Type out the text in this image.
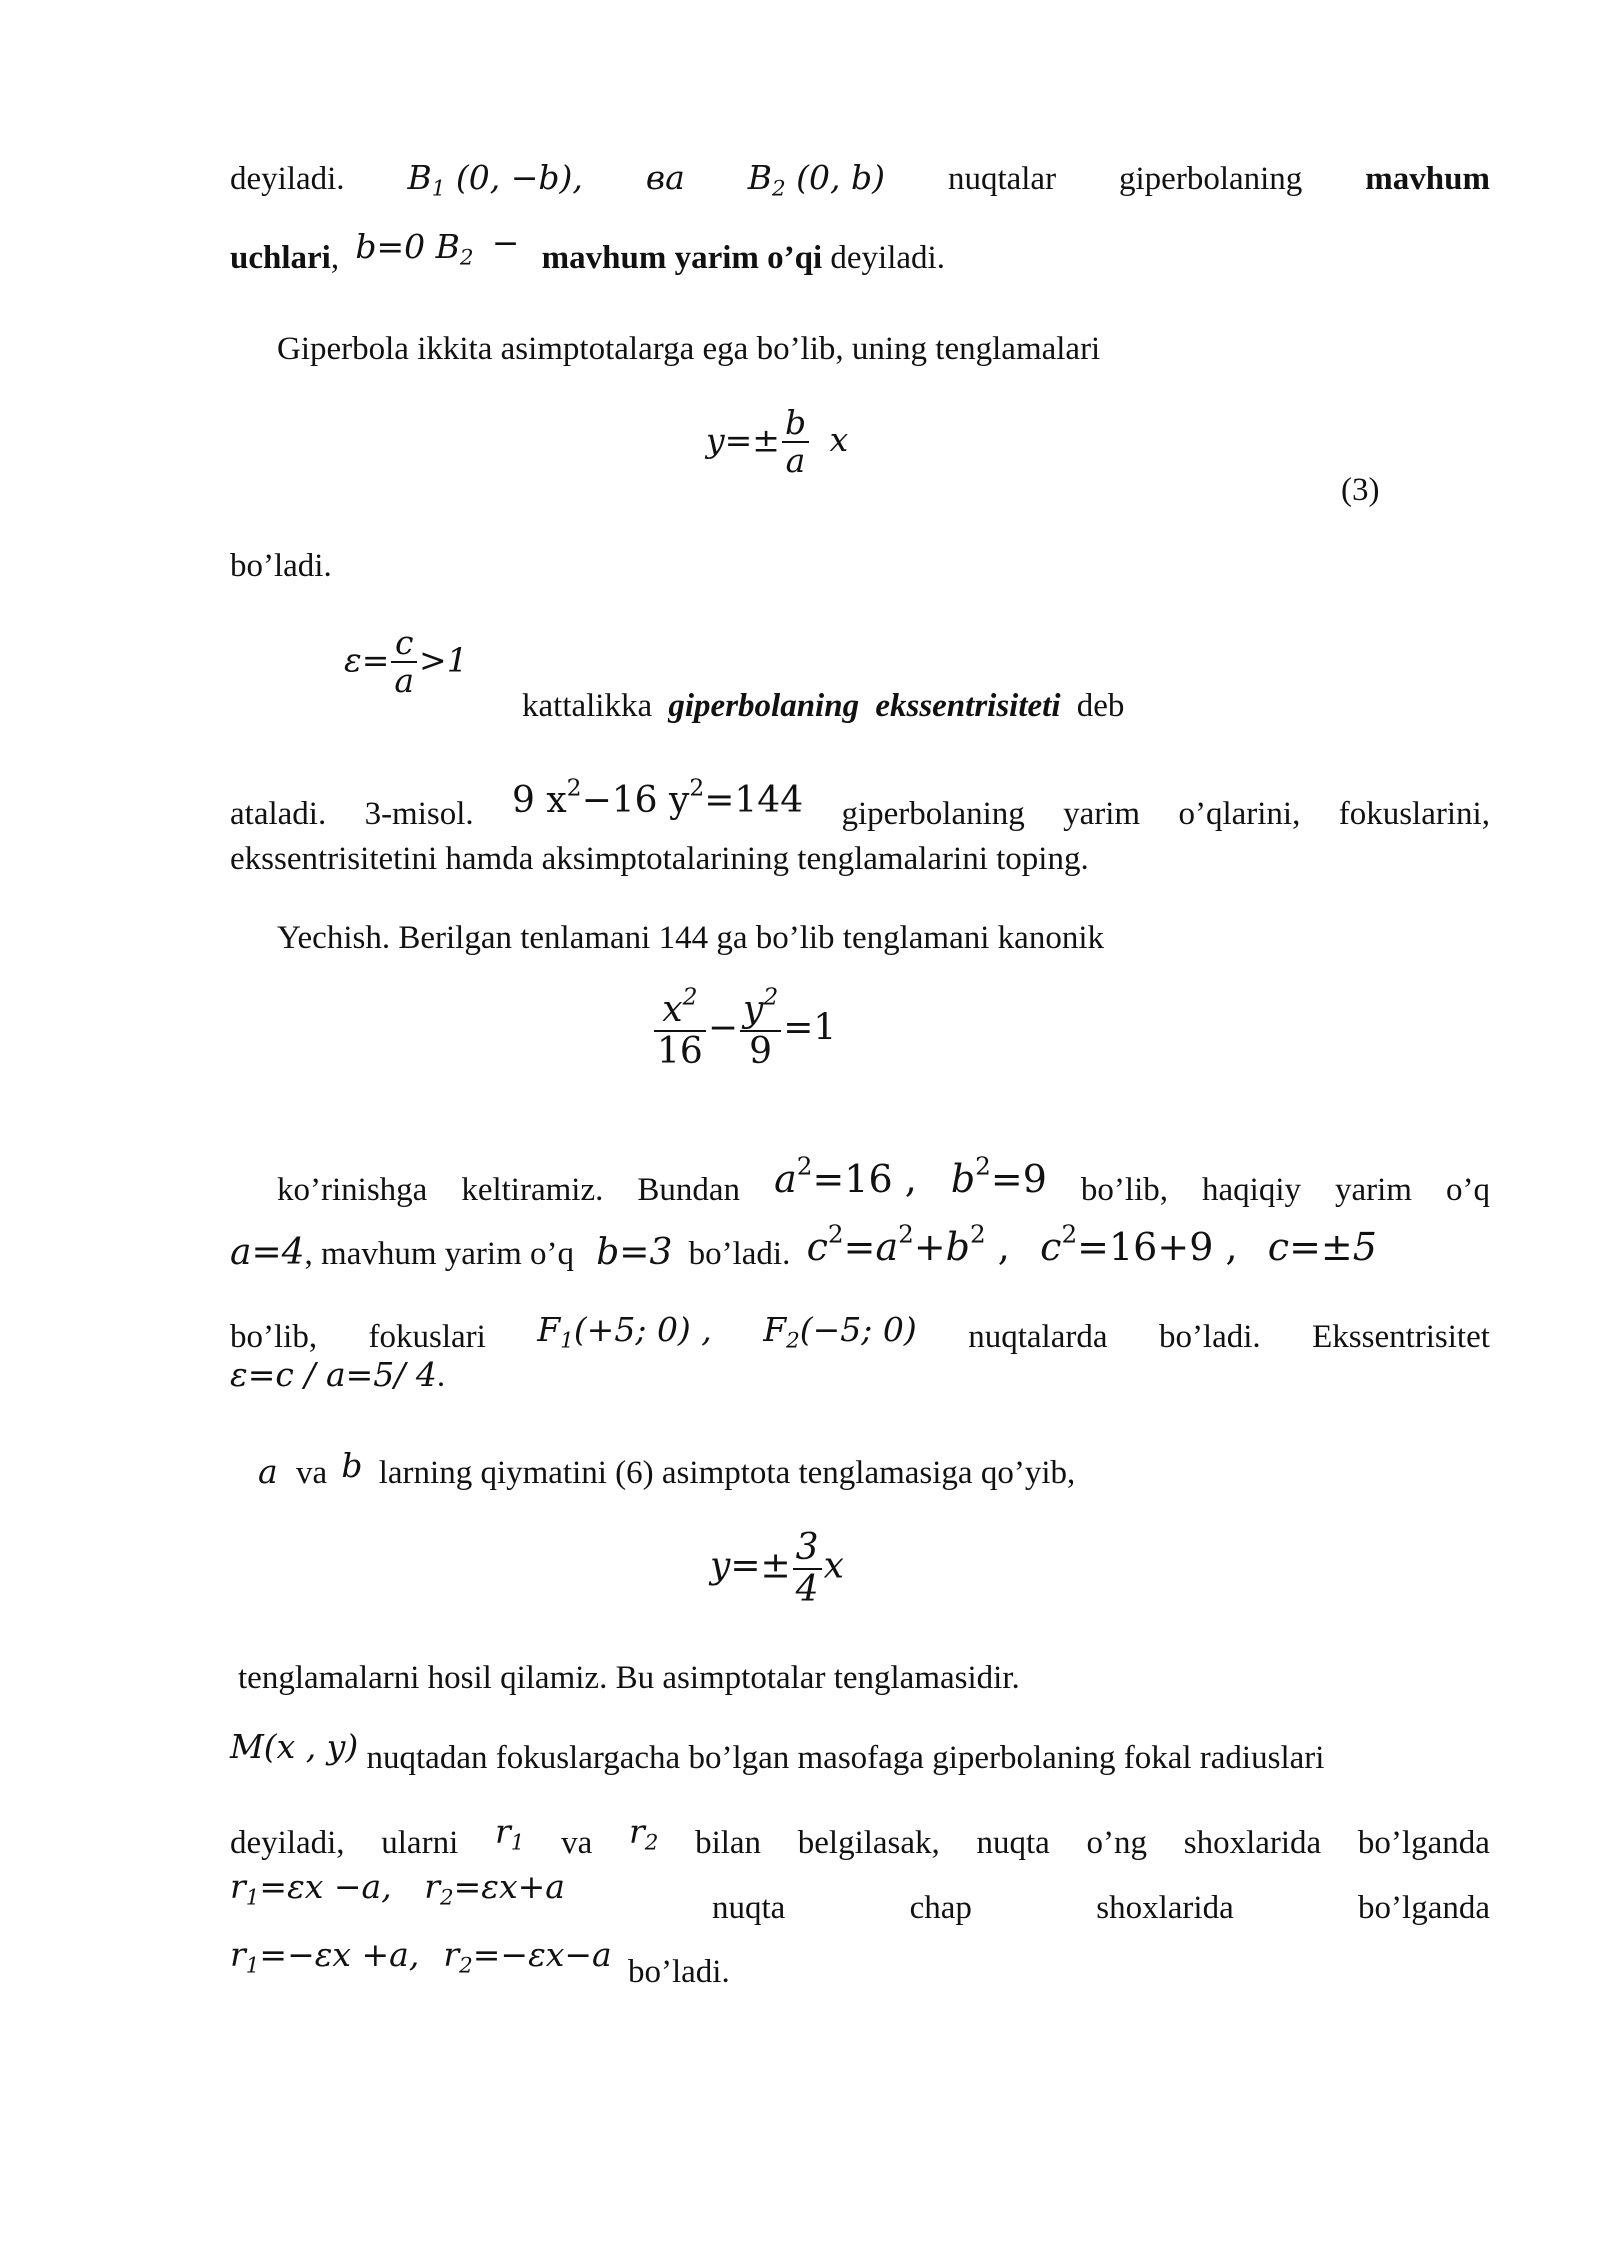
deyiladi. $B_1$ (0, −b), ва $B_2$ (0, b) nuqtalar giperbolaning mavhum
uchlari, b=0 $B_2$ − mavhum yarim o’qi deyiladi.
Giperbola ikkita asimptotalarga ega bo’lib, uning tenglamalari
$y=\pm \frac{b}{a}$ x
(3)
bo’ladi.
$\varepsilon= \frac{c}{a} >1$
kattalikka giperbolaning ekssentrisiteti deb
ataladi. 3-misol. 9 $x^2-16$ $y^2=144$ giperbolaning yarim o’qlarini, fokuslarini,
ekssentrisitetini hamda aksimptotalarining tenglamalarini toping.
Yechish. Berilgan tenlamani 144 ga bo’lib tenglamani kanonik
$\frac{x^2}{16} - \frac{y^2}{9} =1$
ko’rinishga keltiramiz. Bundan $a^2=16$ , $b^2=9$ bo’lib, haqiqiy yarim o’q
a=4, mavhum yarim o’q b=3 bo’ladi. $c^2=a^2+b^2$ , $c^2=16+9$ , c=±5
bo’lib, fokuslari $F_1(+5$; 0) , $F_2(-5$; 0) nuqtalarda bo’ladi. Ekssentrisitet
ε=c / a=5/ 4.
a va b larning qiymatini (6) asimptota tenglamasiga qo’yib,
$y=\pm \frac{3}{4}$ x
tenglamalarni hosil qilamiz. Bu asimptotalar tenglamasidir.
M(x , y) nuqtadan fokuslargacha bo’lgan masofaga giperbolaning fokal radiuslari
deyiladi, ularni $r_1$ va $r_2$ bilan belgilasak, nuqta o’ng shoxlarida bo’lganda
$r_1=\varepsilon x -a$, $r_2=\varepsilon x+a$
nuqta	chap	shoxlarida	bo’lganda
$r_1=-\varepsilon x +a$, $r_2=-\varepsilon x-a$ bo’ladi.
